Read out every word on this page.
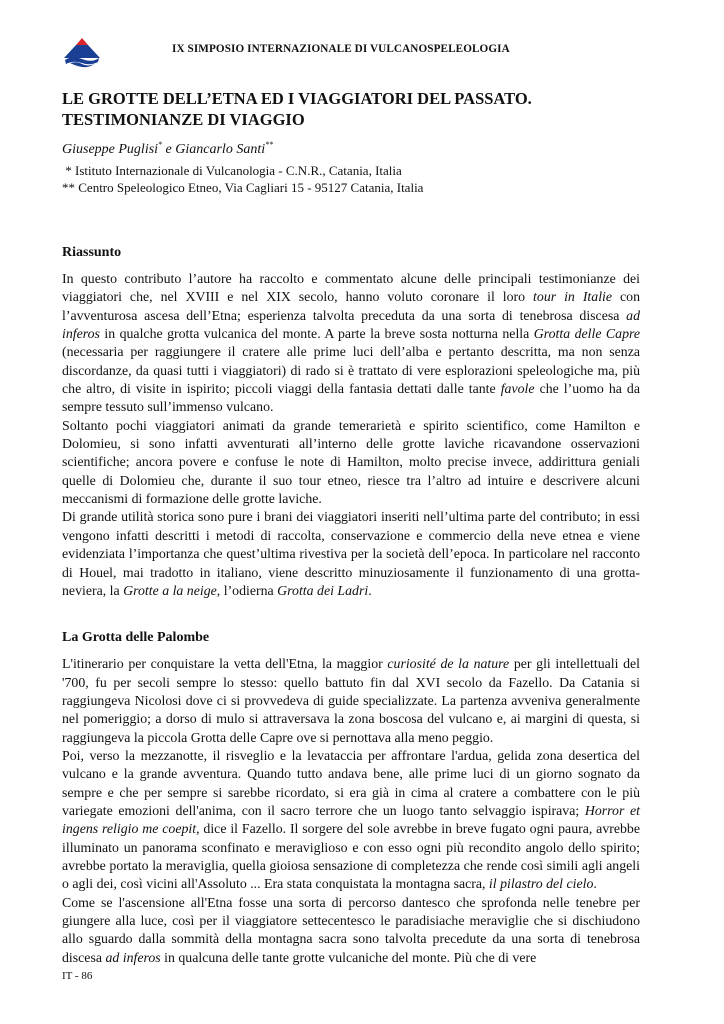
IX SIMPOSIO INTERNAZIONALE DI VULCANOSPELEOLOGIA
LE GROTTE DELL’ETNA ED I VIAGGIATORI DEL PASSATO.
TESTIMONIANZE DI VIAGGIO
Giuseppe Puglisi* e Giancarlo Santi**
* Istituto Internazionale di Vulcanologia - C.N.R., Catania, Italia
** Centro Speleologico Etneo, Via Cagliari 15 - 95127 Catania, Italia
Riassunto

In questo contributo l’autore ha raccolto e commentato alcune delle principali testimonianze dei viaggiatori che, nel XVIII e nel XIX secolo, hanno voluto coronare il loro tour in Italie con l’avventurosa ascesa dell’Etna; esperienza talvolta preceduta da una sorta di tenebrosa discesa ad inferos in qualche grotta vulcanica del monte. A parte la breve sosta notturna nella Grotta delle Capre (necessaria per raggiungere il cratere alle prime luci dell’alba e pertanto descritta, ma non senza discordanze, da quasi tutti i viaggiatori) di rado si è trattato di vere esplorazioni speleologiche ma, più che altro, di visite in ispirito; piccoli viaggi della fantasia dettati dalle tante favole che l’uomo ha da sempre tessuto sull’immenso vulcano.

Soltanto pochi viaggiatori animati da grande temerarietà e spirito scientifico, come Hamilton e Dolomieu, si sono infatti avventurati all’interno delle grotte laviche ricavandone osservazioni scientifiche; ancora povere e confuse le note di Hamilton, molto precise invece, addirittura geniali quelle di Dolomieu che, durante il suo tour etneo, riesce tra l’altro ad intuire e descrivere alcuni meccanismi di formazione delle grotte laviche.

Di grande utilità storica sono pure i brani dei viaggiatori inseriti nell’ultima parte del contributo; in essi vengono infatti descritti i metodi di raccolta, conservazione e commercio della neve etnea e viene evidenziata l’importanza che quest’ultima rivestiva per la società dell’epoca. In particolare nel racconto di Houel, mai tradotto in italiano, viene descritto minuziosamente il funzionamento di una grotta-neviera, la Grotte a la neige, l’odierna Grotta dei Ladri.

La Grotta delle Palombe

L'itinerario per conquistare la vetta dell'Etna, la maggior curiosité de la nature per gli intellettuali del '700, fu per secoli sempre lo stesso: quello battuto fin dal XVI secolo da Fazello. Da Catania si raggiungeva Nicolosi dove ci si provvedeva di guide specializzate. La partenza avveniva generalmente nel pomeriggio; a dorso di mulo si attraversava la zona boscosa del vulcano e, ai margini di questa, si raggiungeva la piccola Grotta delle Capre ove si pernottava alla meno peggio.

Poi, verso la mezzanotte, il risveglio e la levataccia per affrontare l'ardua, gelida zona desertica del vulcano e la grande avventura. Quando tutto andava bene, alle prime luci di un giorno sognato da sempre e che per sempre si sarebbe ricordato, si era già in cima al cratere a combattere con le più variegate emozioni dell'anima, con il sacro terrore che un luogo tanto selvaggio ispirava; Horror et ingens religio me coepit, dice il Fazello. Il sorgere del sole avrebbe in breve fugato ogni paura, avrebbe illuminato un panorama sconfinato e meraviglioso e con esso ogni più recondito angolo dello spirito; avrebbe portato la meraviglia, quella gioiosa sensazione di completezza che rende così simili agli angeli o agli dei, così vicini all'Assoluto ... Era stata conquistata la montagna sacra, il pilastro del cielo.

Come se l'ascensione all'Etna fosse una sorta di percorso dantesco che sprofonda nelle tenebre per giungere alla luce, così per il viaggiatore settecentesco le paradisiache meraviglie che si dischiudono allo sguardo dalla sommità della montagna sacra sono talvolta precedute da una sorta di tenebrosa discesa ad inferos in qualcuna delle tante grotte vulcaniche del monte. Più che di vere

IT - 86
